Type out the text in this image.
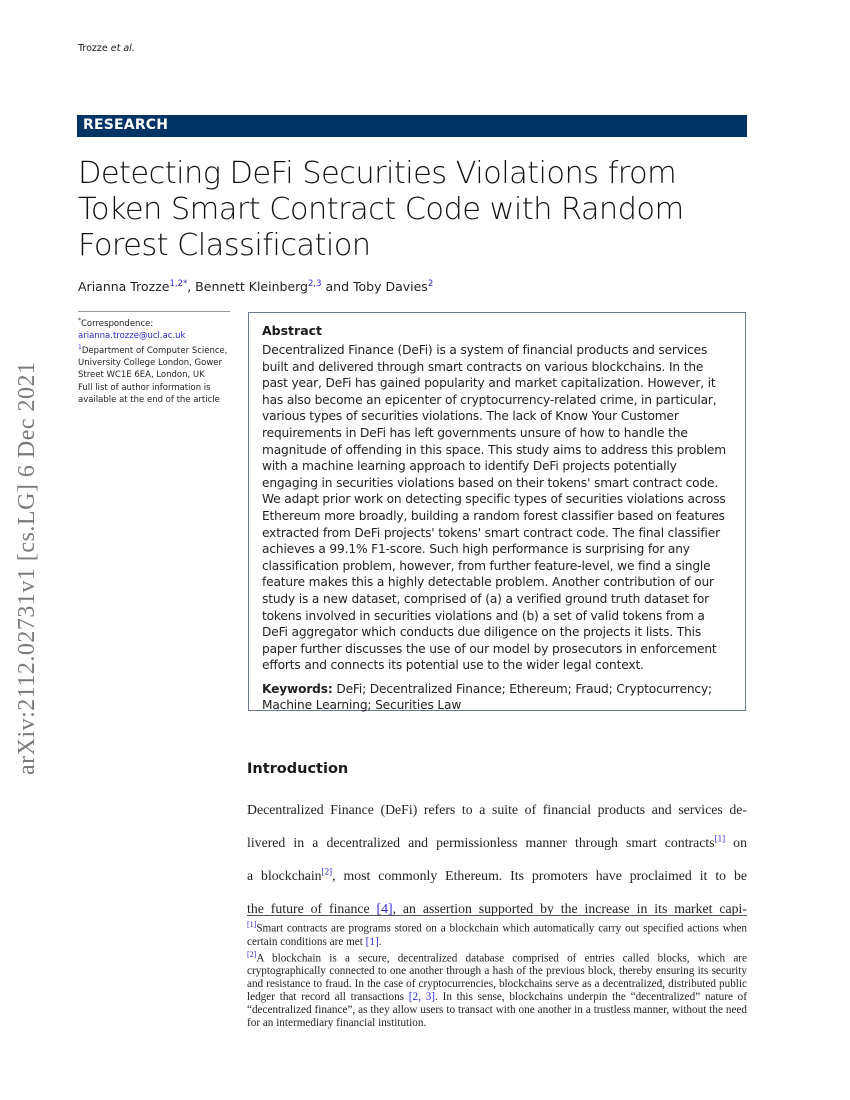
Trozze et al.
RESEARCH
Detecting DeFi Securities Violations from Token Smart Contract Code with Random Forest Classification
Arianna Trozze$^{1,2*}$, Bennett Kleinberg$^{2,3}$ and Toby Davies$^2$
arXiv:2112.02731v1 [cs.LG] 6 Dec 2021
*Correspondence:
arianna.trozze@ucl.ac.uk
$^1$Department of Computer Science, University College London, Gower Street WC1E 6EA, London, UK
Full list of author information is available at the end of the article
Abstract

Decentralized Finance (DeFi) is a system of financial products and services built and delivered through smart contracts on various blockchains. In the past year, DeFi has gained popularity and market capitalization. However, it has also become an epicenter of cryptocurrency-related crime, in particular, various types of securities violations. The lack of Know Your Customer requirements in DeFi has left governments unsure of how to handle the magnitude of offending in this space. This study aims to address this problem with a machine learning approach to identify DeFi projects potentially engaging in securities violations based on their tokens' smart contract code. We adapt prior work on detecting specific types of securities violations across Ethereum more broadly, building a random forest classifier based on features extracted from DeFi projects' tokens' smart contract code. The final classifier achieves a 99.1% F1-score. Such high performance is surprising for any classification problem, however, from further feature-level, we find a single feature makes this a highly detectable problem. Another contribution of our study is a new dataset, comprised of (a) a verified ground truth dataset for tokens involved in securities violations and (b) a set of valid tokens from a DeFi aggregator which conducts due diligence on the projects it lists. This paper further discusses the use of our model by prosecutors in enforcement efforts and connects its potential use to the wider legal context.

Keywords: DeFi; Decentralized Finance; Ethereum; Fraud; Cryptocurrency; Machine Learning; Securities Law

Introduction
Decentralized Finance (DeFi) refers to a suite of financial products and services de-
livered in a decentralized and permissionless manner through smart contracts[1] on
a blockchain[2], most commonly Ethereum. Its promoters have proclaimed it to be
the future of finance [4], an assertion supported by the increase in its market capi-

[1]Smart contracts are programs stored on a blockchain which automatically carry out specified actions when certain conditions are met [1].

[2]A blockchain is a secure, decentralized database comprised of entries called blocks, which are cryptographically connected to one another through a hash of the previous block, thereby ensuring its security and resistance to fraud. In the case of cryptocurrencies, blockchains serve as a decentralized, distributed public ledger that record all transactions [2, 3]. In this sense, blockchains underpin the “decentralized” nature of “decentralized finance”, as they allow users to transact with one another in a trustless manner, without the need for an intermediary financial institution.
